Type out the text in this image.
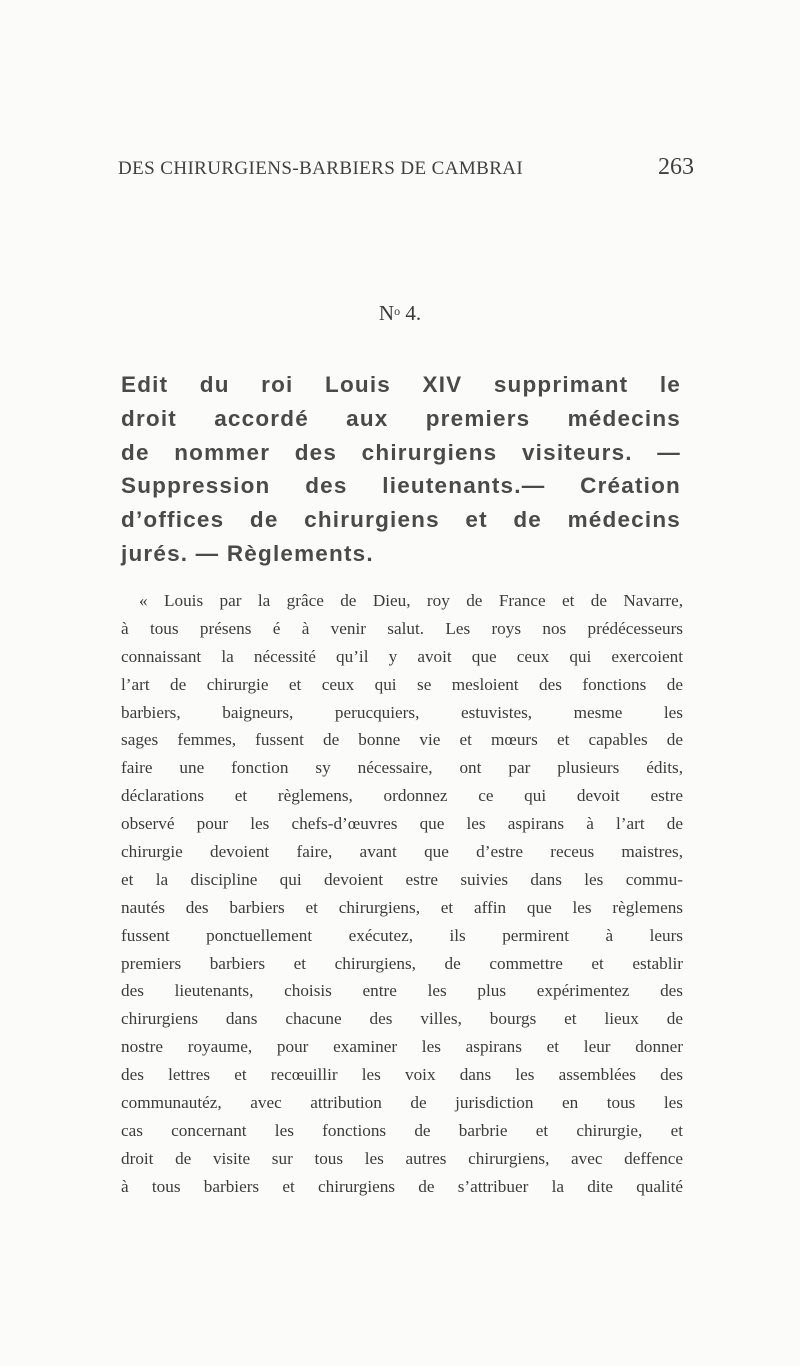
DES CHIRURGIENS-BARBIERS DE CAMBRAI	263
$N^o$ 4.
Edit du roi Louis XIV supprimant le
droit accordé aux premiers médecins
de nommer des chirurgiens visiteurs. —
Suppression des lieutenants.— Création
d’offices de chirurgiens et de médecins
jurés. — Règlements.
« Louis par la grâce de Dieu, roy de France et de Navarre,
à tous présens é à venir salut. Les roys nos prédécesseurs
connaissant la nécessité qu’il y avoit que ceux qui exercoient
l’art de chirurgie et ceux qui se mesloient des fonctions de
barbiers, baigneurs, perucquiers, estuvistes, mesme les
sages femmes, fussent de bonne vie et mœurs et capables de
faire une fonction sy nécessaire, ont par plusieurs édits,
déclarations et règlemens, ordonnez ce qui devoit estre
observé pour les chefs-d’œuvres que les aspirans à l’art de
chirurgie devoient faire, avant que d’estre receus maistres,
et la discipline qui devoient estre suivies dans les commu-
nautés des barbiers et chirurgiens, et affin que les règlemens
fussent ponctuellement exécutez, ils permirent à leurs
premiers barbiers et chirurgiens, de commettre et establir
des lieutenants, choisis entre les plus expérimentez des
chirurgiens dans chacune des villes, bourgs et lieux de
nostre royaume, pour examiner les aspirans et leur donner
des lettres et recœuillir les voix dans les assemblées des
communautéz, avec attribution de jurisdiction en tous les
cas concernant les fonctions de barbrie et chirurgie, et
droit de visite sur tous les autres chirurgiens, avec deffence
à tous barbiers et chirurgiens de s’attribuer la dite qualité
